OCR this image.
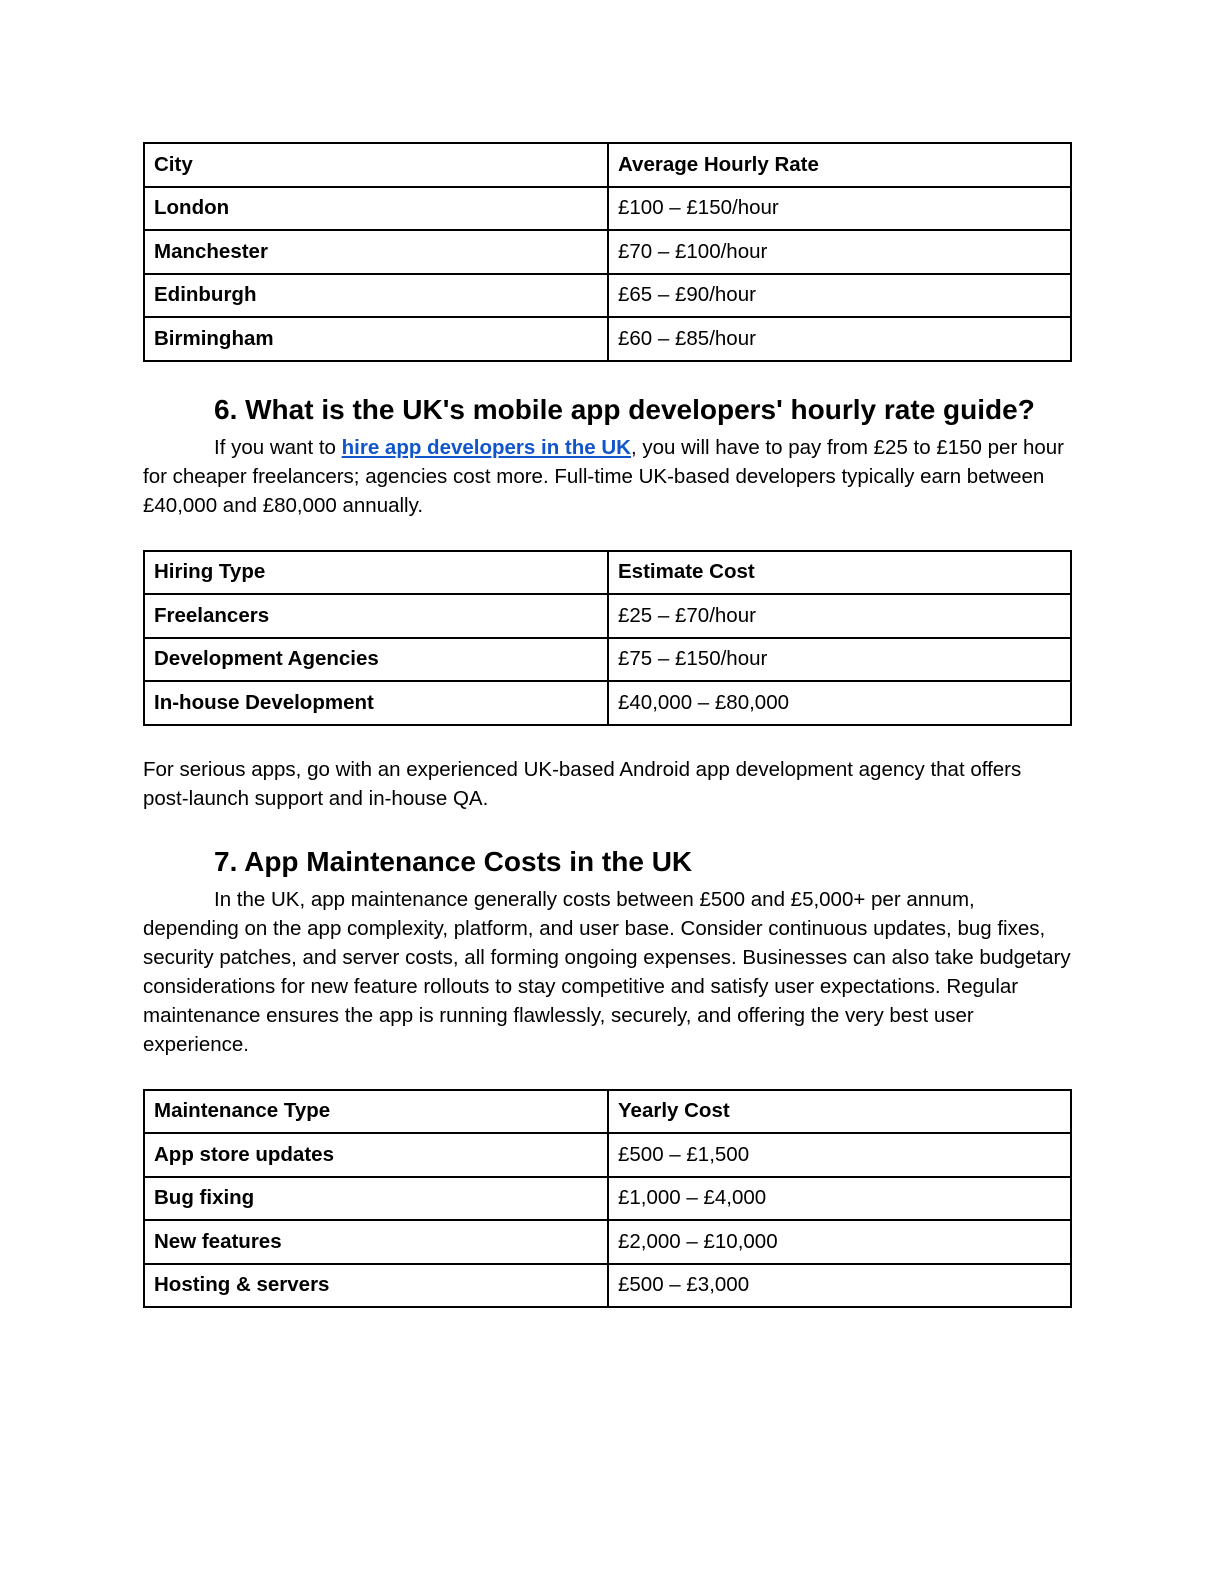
City	Average Hourly Rate
London	£100 – £150/hour
Manchester	£70 – £100/hour
Edinburgh	£65 – £90/hour
Birmingham	£60 – £85/hour
6. What is the UK's mobile app developers' hourly rate guide?

If you want to hire app developers in the UK, you will have to pay from £25 to £150 per hour for cheaper freelancers; agencies cost more. Full-time UK-based developers typically earn between £40,000 and £80,000 annually.

Hiring Type	Estimate Cost
Freelancers	£25 – £70/hour
Development Agencies	£75 – £150/hour
In-house Development	£40,000 – £80,000

For serious apps, go with an experienced UK-based Android app development agency that offers post-launch support and in-house QA.

7. App Maintenance Costs in the UK

In the UK, app maintenance generally costs between £500 and £5,000+ per annum, depending on the app complexity, platform, and user base. Consider continuous updates, bug fixes, security patches, and server costs, all forming ongoing expenses. Businesses can also take budgetary considerations for new feature rollouts to stay competitive and satisfy user expectations. Regular maintenance ensures the app is running flawlessly, securely, and offering the very best user experience.

Maintenance Type	Yearly Cost
App store updates	£500 – £1,500
Bug fixing	£1,000 – £4,000
New features	£2,000 – £10,000
Hosting & servers	£500 – £3,000
